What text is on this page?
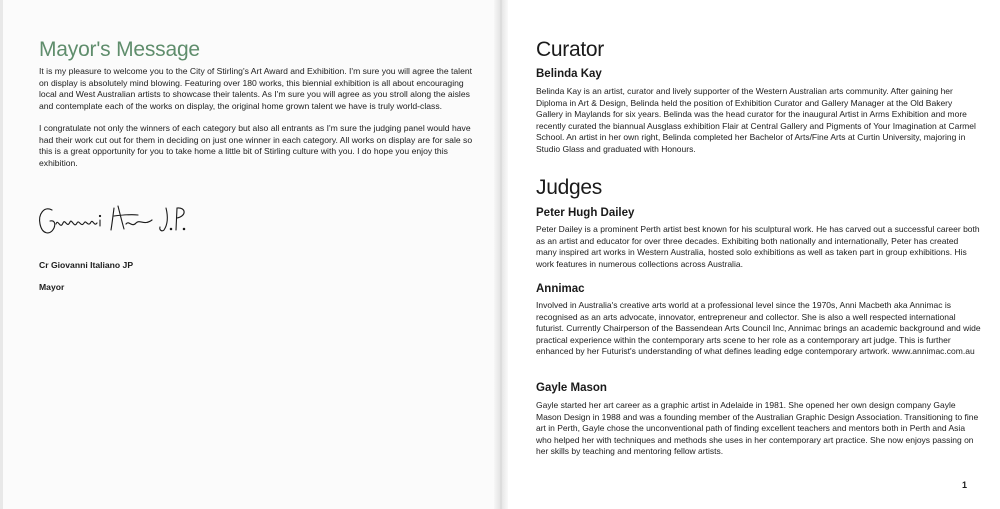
Mayor's Message

It is my pleasure to welcome you to the City of Stirling's Art Award and Exhibition. I'm sure you will agree the talent on display is absolutely mind blowing. Featuring over 180 works, this biennial exhibition is all about encouraging local and West Australian artists to showcase their talents. As I'm sure you will agree as you stroll along the aisles and contemplate each of the works on display, the original home grown talent we have is truly world-class.

I congratulate not only the winners of each category but also all entrants as I'm sure the judging panel would have had their work cut out for them in deciding on just one winner in each category. All works on display are for sale so this is a great opportunity for you to take home a little bit of Stirling culture with you. I do hope you enjoy this exhibition.

Giovanni Italiano J.P.

Cr Giovanni Italiano JP

Mayor

Curator
Belinda Kay

Belinda Kay is an artist, curator and lively supporter of the Western Australian arts community. After gaining her Diploma in Art & Design, Belinda held the position of Exhibition Curator and Gallery Manager at the Old Bakery Gallery in Maylands for six years. Belinda was the head curator for the inaugural Artist in Arms Exhibition and more recently curated the biannual Ausglass exhibition Flair at Central Gallery and Pigments of Your Imagination at Carmel School. An artist in her own right, Belinda completed her Bachelor of Arts/Fine Arts at Curtin University, majoring in Studio Glass and graduated with Honours.

Judges
Peter Hugh Dailey

Peter Dailey is a prominent Perth artist best known for his sculptural work. He has carved out a successful career both as an artist and educator for over three decades. Exhibiting both nationally and internationally, Peter has created many inspired art works in Western Australia, hosted solo exhibitions as well as taken part in group exhibitions. His work features in numerous collections across Australia.

Annimac

Involved in Australia's creative arts world at a professional level since the 1970s, Anni Macbeth aka Annimac is recognised as an arts advocate, innovator, entrepreneur and collector. She is also a well respected international futurist. Currently Chairperson of the Bassendean Arts Council Inc, Annimac brings an academic background and wide practical experience within the contemporary arts scene to her role as a contemporary art judge. This is further enhanced by her Futurist's understanding of what defines leading edge contemporary artwork. www.annimac.com.au

Gayle Mason

Gayle started her art career as a graphic artist in Adelaide in 1981. She opened her own design company Gayle Mason Design in 1988 and was a founding member of the Australian Graphic Design Association. Transitioning to fine art in Perth, Gayle chose the unconventional path of finding excellent teachers and mentors both in Perth and Asia who helped her with techniques and methods she uses in her contemporary art practice. She now enjoys passing on her skills by teaching and mentoring fellow artists.

1
